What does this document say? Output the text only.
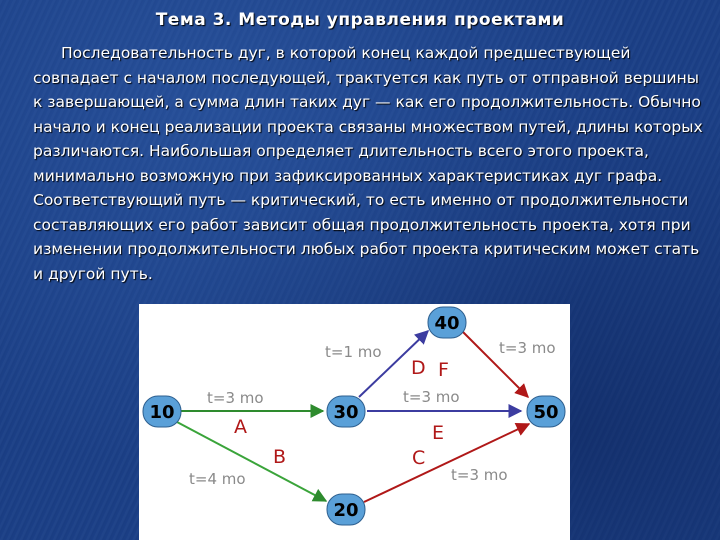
Тема 3. Методы управления проектами
Последовательность дуг, в которой конец каждой предшествующей совпадает с началом последующей, трактуется как путь от отправной вершины к завершающей, а сумма длин таких дуг — как его продолжительность. Обычно начало и конец реализации проекта связаны множеством путей, длины которых различаются. Наибольшая определяет длительность всего этого проекта, минимально возможную при зафиксированных характеристиках дуг графа. Соответствующий путь — критический, то есть именно от продолжительности составляющих его работ зависит общая продолжительность проекта, хотя при изменении продолжительности любых работ проекта критическим может стать и другой путь.
t=3 mo
t=1 mo
t=3 mo
t=3 mo
t=4 mo	t=3 mo
A
B
D F
E
C
10	30
40
50
20
